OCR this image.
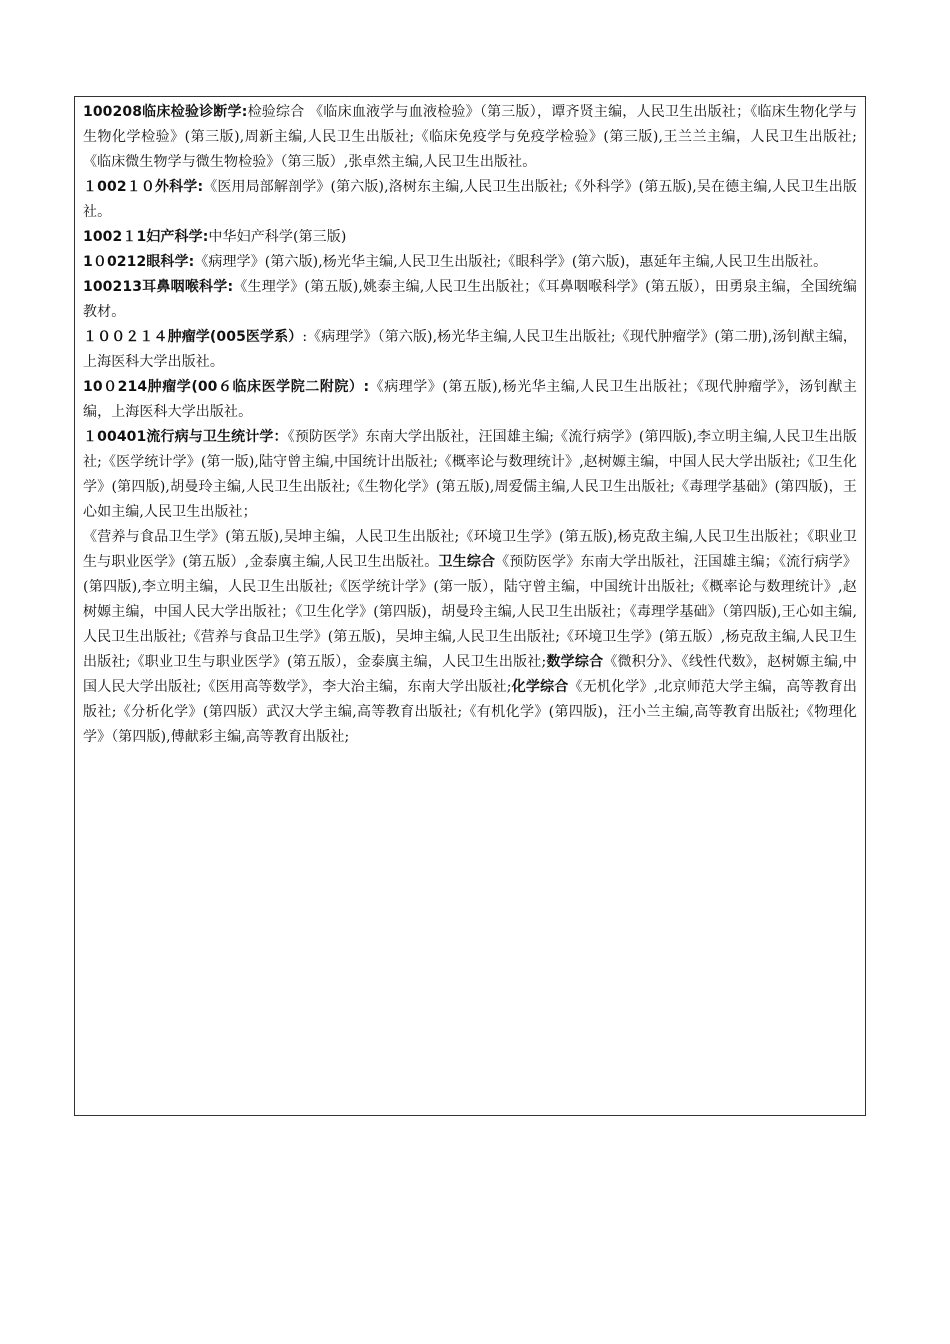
100208临床检验诊断学:检验综合 《临床血液学与血液检验》（第三版），谭齐贤主编，人民卫生出版社；《临床生物化学与生物化学检验》(第三版),周新主编,人民卫生出版社;《临床免疫学与免疫学检验》(第三版),王兰兰主编，人民卫生出版社;《临床微生物学与微生物检验》（第三版）,张卓然主编,人民卫生出版社。

１002１０外科学:《医用局部解剖学》(第六版),洛树东主编,人民卫生出版社;《外科学》(第五版),吴在德主编,人民卫生出版社。

1002１1妇产科学:中华妇产科学(第三版)

1０0212眼科学:《病理学》(第六版),杨光华主编,人民卫生出版社;《眼科学》(第六版)，惠延年主编,人民卫生出版社。

100213耳鼻咽喉科学:《生理学》(第五版),姚泰主编,人民卫生出版社；《耳鼻咽喉科学》(第五版），田勇泉主编，全国统编教材。

１００２１４肿瘤学(005医学系）:《病理学》（第六版),杨光华主编,人民卫生出版社;《现代肿瘤学》(第二册),汤钊猷主编，上海医科大学出版社。

10０214肿瘤学(00６临床医学院二附院）:《病理学》(第五版),杨光华主编,人民卫生出版社；《现代肿瘤学》，汤钊猷主编，上海医科大学出版社。

１00401流行病与卫生统计学：《预防医学》东南大学出版社，汪国雄主编;《流行病学》(第四版),李立明主编,人民卫生出版社;《医学统计学》(第一版),陆守曾主编,中国统计出版社;《概率论与数理统计》,赵树嫄主编，中国人民大学出版社;《卫生化学》(第四版),胡曼玲主编,人民卫生出版社;《生物化学》(第五版),周爱儒主编,人民卫生出版社;《毒理学基础》(第四版)，王心如主编,人民卫生出版社；

《营养与食品卫生学》(第五版),吴坤主编，人民卫生出版社;《环境卫生学》(第五版),杨克敌主编,人民卫生出版社；《职业卫生与职业医学》(第五版）,金泰廙主编,人民卫生出版社。卫生综合《预防医学》东南大学出版社，汪国雄主编；《流行病学》(第四版),李立明主编，人民卫生出版社;《医学统计学》(第一版），陆守曾主编，中国统计出版社;《概率论与数理统计》,赵树嫄主编，中国人民大学出版社；《卫生化学》(第四版)，胡曼玲主编,人民卫生出版社；《毒理学基础》（第四版),王心如主编,人民卫生出版社;《营养与食品卫生学》(第五版)，吴坤主编,人民卫生出版社;《环境卫生学》(第五版）,杨克敌主编,人民卫生出版社;《职业卫生与职业医学》(第五版），金泰廙主编，人民卫生出版社;数学综合《微积分》、《线性代数》，赵树嫄主编,中国人民大学出版社;《医用高等数学》，李大治主编，东南大学出版社;化学综合《无机化学》,北京师范大学主编，高等教育出版社;《分析化学》(第四版）武汉大学主编,高等教育出版社;《有机化学》(第四版)，汪小兰主编,高等教育出版社;《物理化学》（第四版),傅献彩主编,高等教育出版社;
